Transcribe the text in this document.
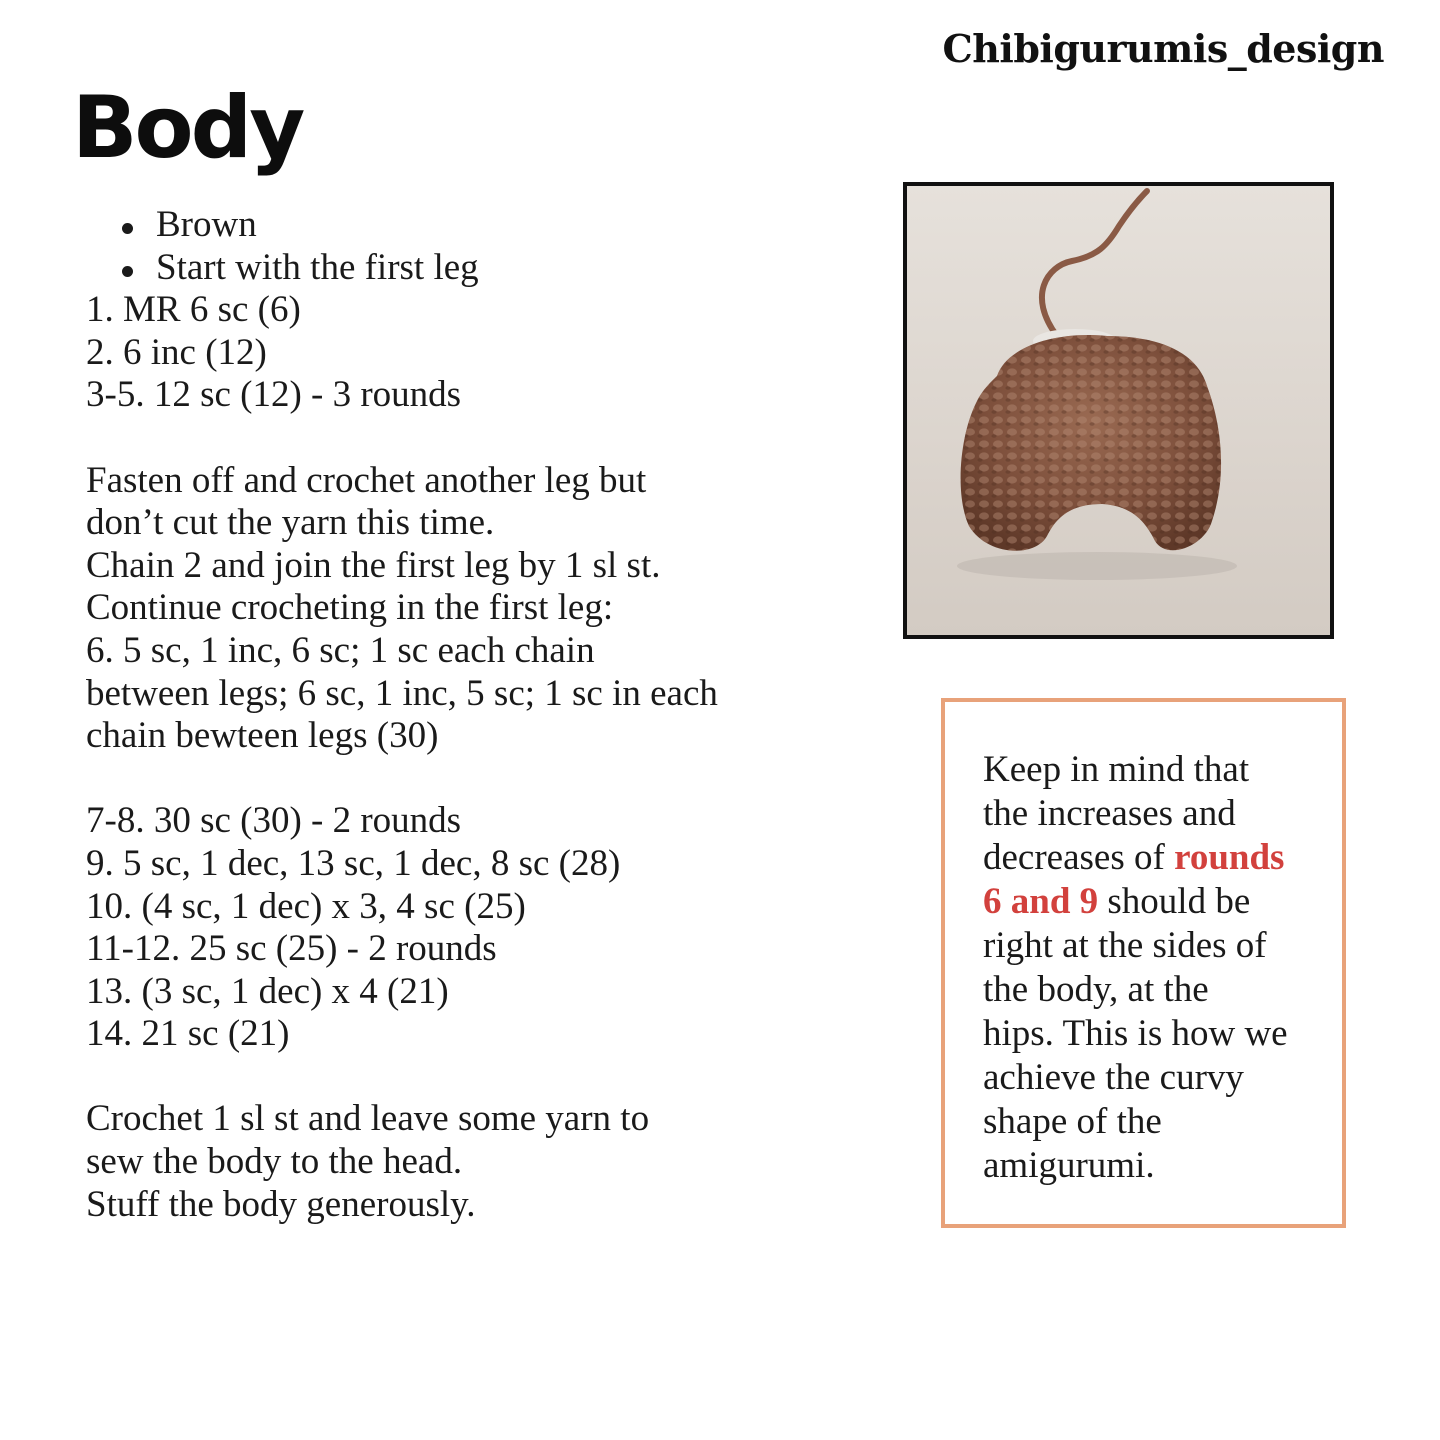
Chibigurumis_design
Body
Brown
Start with the first leg
1. MR 6 sc (6)
2. 6 inc (12)
3-5. 12 sc (12) - 3 rounds
Fasten off and crochet another leg but
don’t cut the yarn this time.
Chain 2 and join the first leg by 1 sl st.
Continue crocheting in the first leg:
6. 5 sc, 1 inc, 6 sc; 1 sc each chain
between legs; 6 sc, 1 inc, 5 sc; 1 sc in each
chain bewteen legs (30)
7-8. 30 sc (30) - 2 rounds
9. 5 sc, 1 dec, 13 sc, 1 dec, 8 sc (28)
10. (4 sc, 1 dec) x 3, 4 sc (25)
11-12. 25 sc (25) - 2 rounds
13. (3 sc, 1 dec) x 4 (21)
14. 21 sc (21)
Crochet 1 sl st and leave some yarn to
sew the body to the head.
Stuff the body generously.
Keep in mind that
the increases and
decreases of rounds
6 and 9 should be
right at the sides of
the body, at the
hips. This is how we
achieve the curvy
shape of the
amigurumi.
